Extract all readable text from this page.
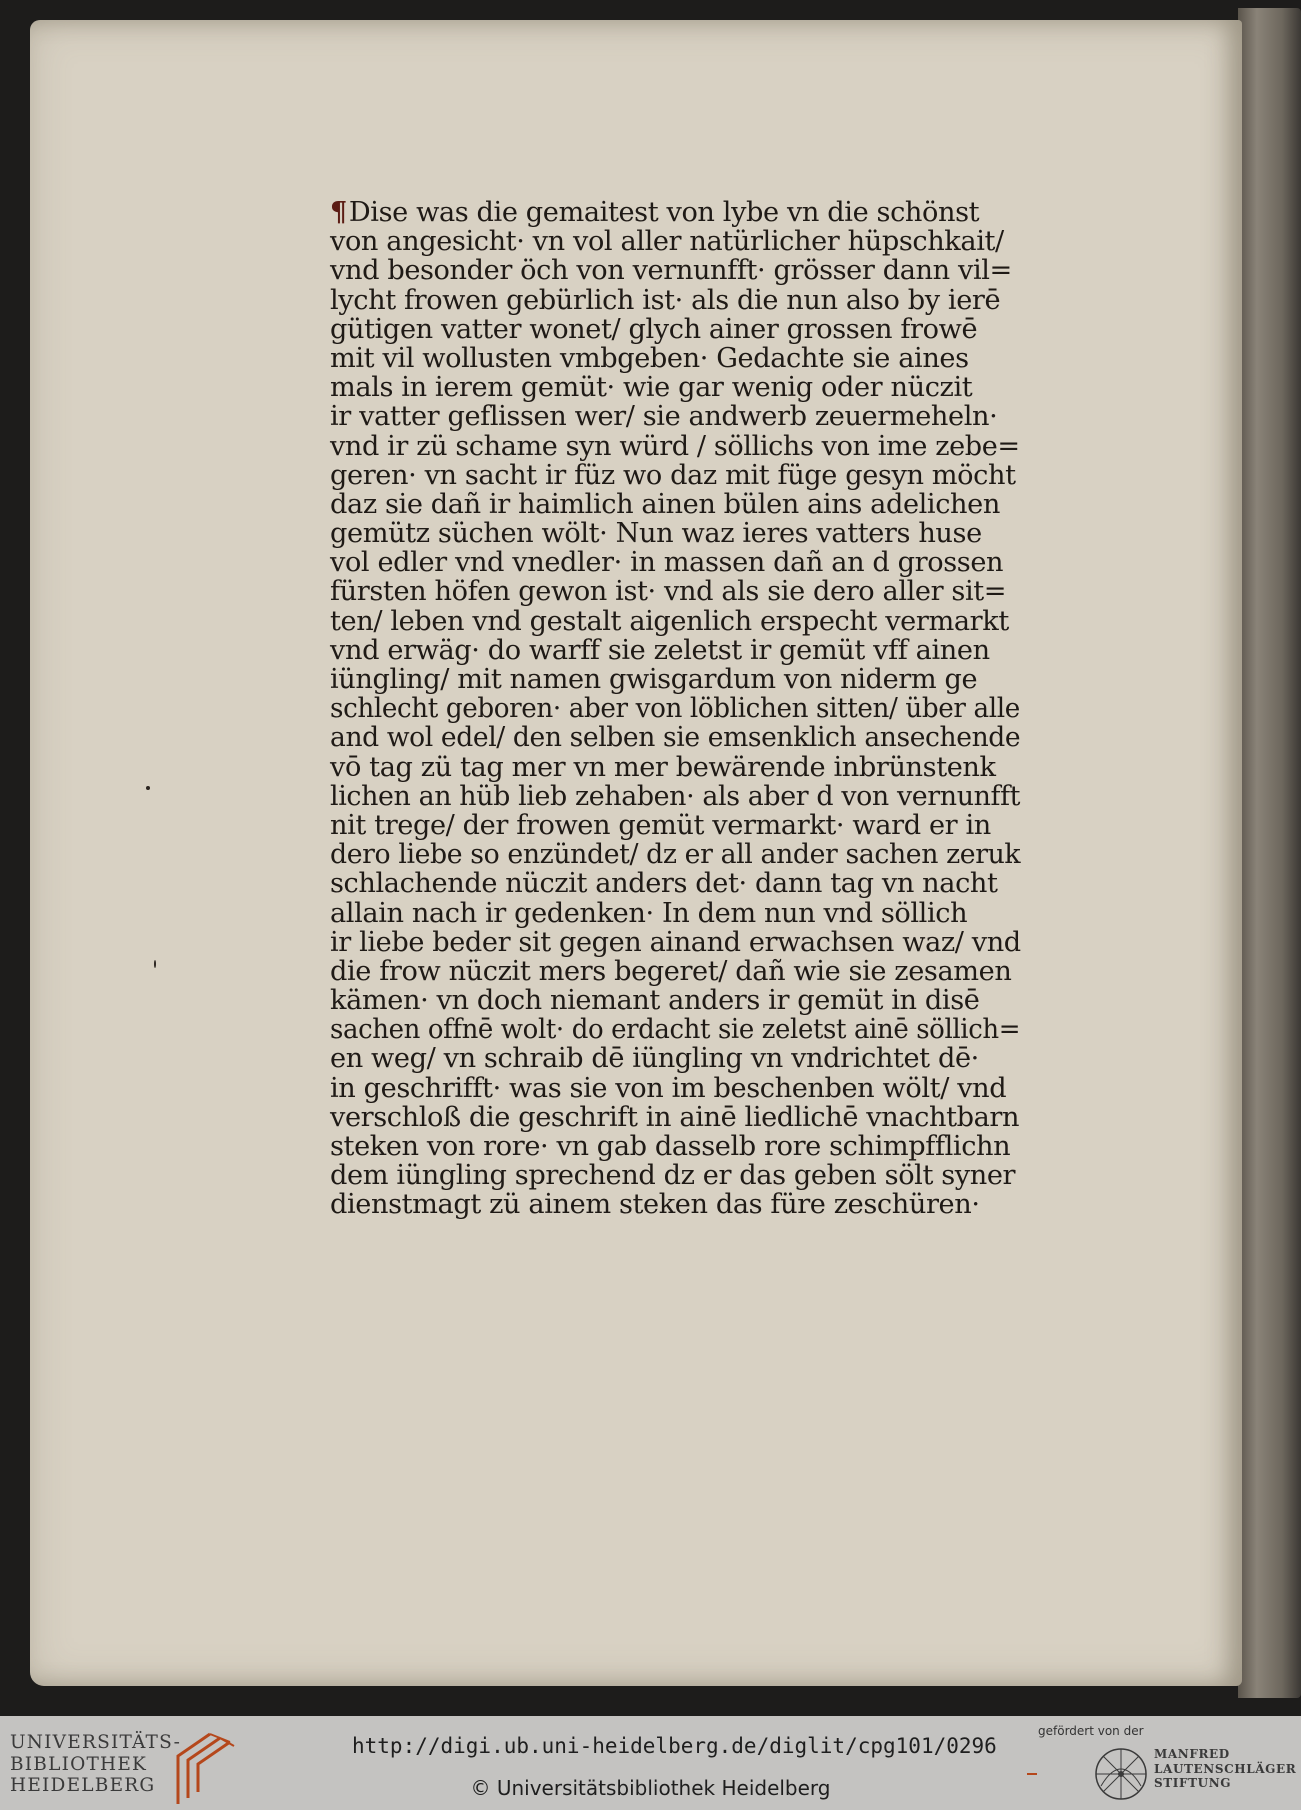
¶Dise was die gemaitest von lybe vn die schönst
von angesicht· vn vol aller natürlicher hüpschkait/
vnd besonder öch von vernunfft· grösser dann vil=
lycht frowen gebürlich ist· als die nun also by ierē
gütigen vatter wonet/ glych ainer grossen frowē
mit vil wollusten vmbgeben· Gedachte sie aines
mals in ierem gemüt· wie gar wenig oder nüczit
ir vatter geflissen wer/ sie andwerb zeuermeheln·
vnd ir zü schame syn würd / söllichs von ime zebe=
geren· vn sacht ir füz wo daz mit füge gesyn möcht
daz sie dañ ir haimlich ainen bülen ains adelichen
gemütz süchen wölt· Nun waz ieres vatters huse
vol edler vnd vnedler· in massen dañ an d grossen
fürsten höfen gewon ist· vnd als sie dero aller sit=
ten/ leben vnd gestalt aigenlich erspecht vermarkt
vnd erwäg· do warff sie zeletst ir gemüt vff ainen
iüngling/ mit namen gwisgardum von niderm ge
schlecht geboren· aber von löblichen sitten/ über alle
and wol edel/ den selben sie emsenklich ansechende
vō tag zü tag mer vn mer bewärende inbrünstenk
lichen an hüb lieb zehaben· als aber d von vernunfft
nit trege/ der frowen gemüt vermarkt· ward er in
dero liebe so enzündet/ dz er all ander sachen zeruk
schlachende nüczit anders det· dann tag vn nacht
allain nach ir gedenken· In dem nun vnd söllich
ir liebe beder sit gegen ainand erwachsen waz/ vnd
die frow nüczit mers begeret/ dañ wie sie zesamen
kämen· vn doch niemant anders ir gemüt in disē
sachen offnē wolt· do erdacht sie zeletst ainē söllich=
en weg/ vn schraib dē iüngling vn vndrichtet dē·
in geschrifft· was sie von im beschenben wölt/ vnd
verschloß die geschrift in ainē liedlichē vnachtbarn
steken von rore· vn gab dasselb rore schimpfflichn
dem iüngling sprechend dz er das geben sölt syner
dienstmagt zü ainem steken das füre zeschüren·
UNIVERSITÄTS-
BIBLIOTHEK
HEIDELBERG
http://digi.ub.uni-heidelberg.de/diglit/cpg101/0296
© Universitätsbibliothek Heidelberg
gefördert von der
MANFRED
LAUTENSCHLÄGER
STIFTUNG
